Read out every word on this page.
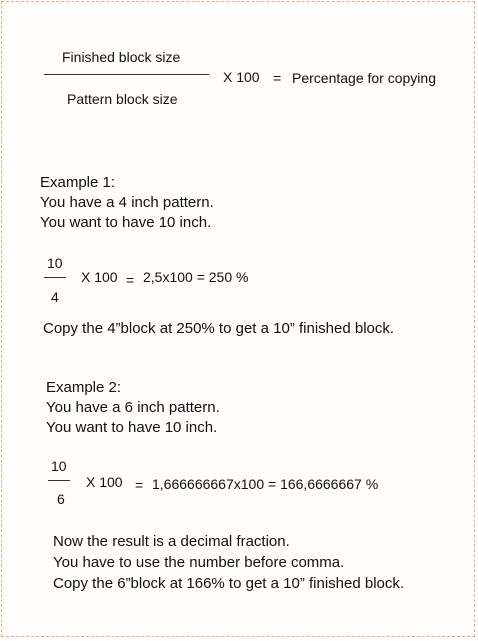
Finished block size
Pattern block size
X 100 = Percentage for copying
Example 1:
You have a 4 inch pattern.
You want to have 10 inch.
10
4
X 100 = 2,5x100 = 250 %
Copy the 4”block at 250% to get a 10” finished block.
Example 2:
You have a 6 inch pattern.
You want to have 10 inch.
10
6
X 100 = 1,666666667x100 = 166,6666667 %
Now the result is a decimal fraction.
You have to use the number before comma.
Copy the 6”block at 166% to get a 10” finished block.
